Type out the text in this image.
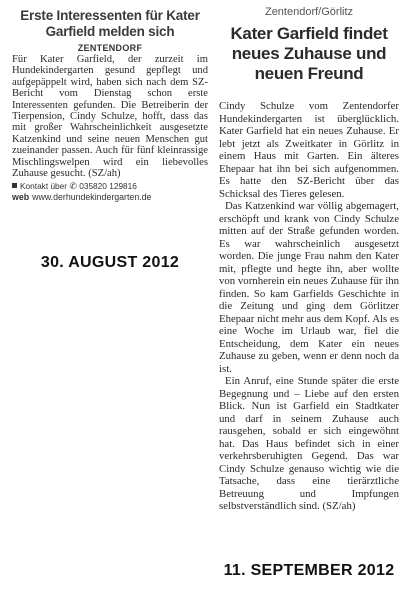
Erste Interessenten für Kater Garfield melden sich
ZENTENDORF
Für Kater Garfield, der zurzeit im Hundekindergarten gesund gepflegt und aufgepäppelt wird, haben sich nach dem SZ-Bericht vom Dienstag schon erste Interessenten gefunden. Die Betreiberin der Tierpension, Cindy Schulze, hofft, dass das mit großer Wahrscheinlichkeit ausgesetzte Katzenkind und seine neuen Menschen gut zueinander passen. Auch für fünf kleinrassige Mischlingswelpen wird ein liebevolles Zuhause gesucht. (SZ/ah)
Kontakt über ✆ 035820 129816
web www.derhundekindergarten.de
30. AUGUST 2012
Zentendorf/Görlitz
Kater Garfield findet neues Zuhause und neuen Freund

Cindy Schulze vom Zentendorfer Hundekindergarten ist überglücklich. Kater Garfield hat ein neues Zuhause. Er lebt jetzt als Zweitkater in Görlitz in einem Haus mit Garten. Ein älteres Ehepaar hat ihn bei sich aufgenommen. Es hatte den SZ-Bericht über das Schicksal des Tieres gelesen.

Das Katzenkind war völlig abgemagert, erschöpft und krank von Cindy Schulze mitten auf der Straße gefunden worden. Es war wahrscheinlich ausgesetzt worden. Die junge Frau nahm den Kater mit, pflegte und hegte ihn, aber wollte von vornherein ein neues Zuhause für ihn finden. So kam Garfields Geschichte in die Zeitung und ging dem Görlitzer Ehepaar nicht mehr aus dem Kopf. Als es eine Woche im Urlaub war, fiel die Entscheidung, dem Kater ein neues Zuhause zu geben, wenn er denn noch da ist.

Ein Anruf, eine Stunde später die erste Begegnung und – Liebe auf den ersten Blick. Nun ist Garfield ein Stadtkater und darf in seinem Zuhause auch rausgehen, sobald er sich eingewöhnt hat. Das Haus befindet sich in einer verkehrsberuhigten Gegend. Das war Cindy Schulze genauso wichtig wie die Tatsache, dass eine tierärztliche Betreuung und Impfungen selbstverständlich sind. (SZ/ah)

11. SEPTEMBER 2012
